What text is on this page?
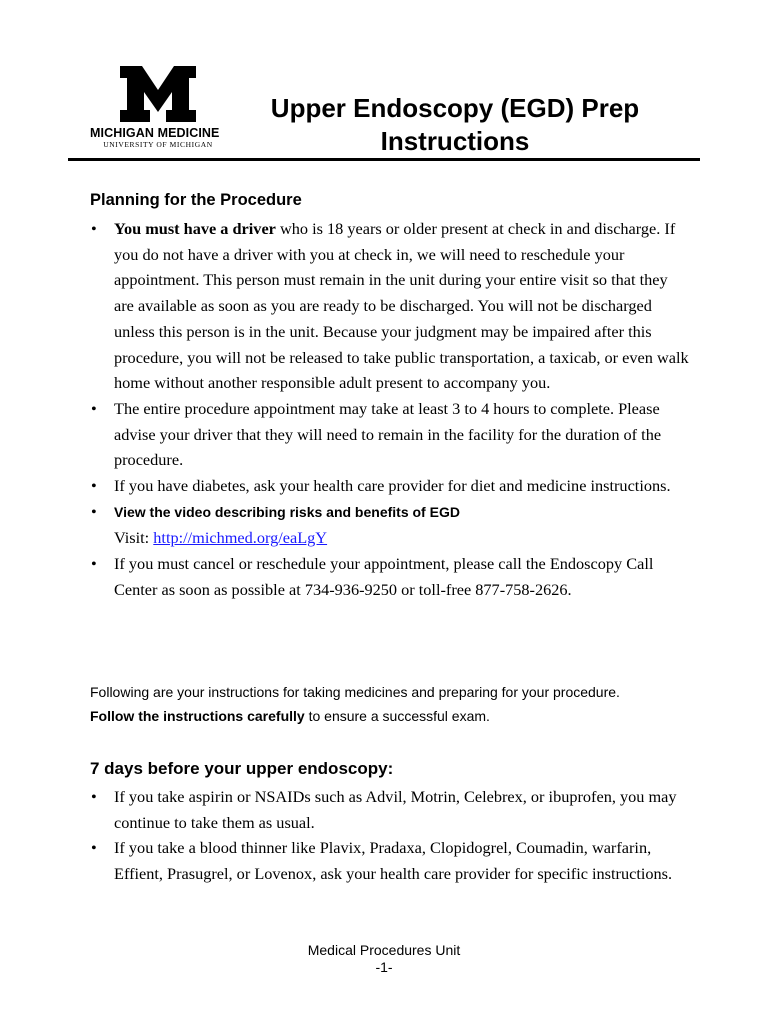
MICHIGAN MEDICINE
UNIVERSITY OF MICHIGAN
Upper Endoscopy (EGD) Prep
Instructions
Planning for the Procedure
• You must have a driver who is 18 years or older present at check in and discharge. If you do not have a driver with you at check in, we will need to reschedule your appointment. This person must remain in the unit during your entire visit so that they are available as soon as you are ready to be discharged. You will not be discharged unless this person is in the unit. Because your judgment may be impaired after this procedure, you will not be released to take public transportation, a taxicab, or even walk home without another responsible adult present to accompany you.
• The entire procedure appointment may take at least 3 to 4 hours to complete. Please advise your driver that they will need to remain in the facility for the duration of the procedure.
• If you have diabetes, ask your health care provider for diet and medicine instructions.
• View the video describing risks and benefits of EGD
Visit: http://michmed.org/eaLgY
• If you must cancel or reschedule your appointment, please call the Endoscopy Call Center as soon as possible at 734-936-9250 or toll-free 877-758-2626.
Following are your instructions for taking medicines and preparing for your procedure.
Follow the instructions carefully to ensure a successful exam.
7 days before your upper endoscopy:
• If you take aspirin or NSAIDs such as Advil, Motrin, Celebrex, or ibuprofen, you may continue to take them as usual.
• If you take a blood thinner like Plavix, Pradaxa, Clopidogrel, Coumadin, warfarin, Effient, Prasugrel, or Lovenox, ask your health care provider for specific instructions.
Medical Procedures Unit
-1-
